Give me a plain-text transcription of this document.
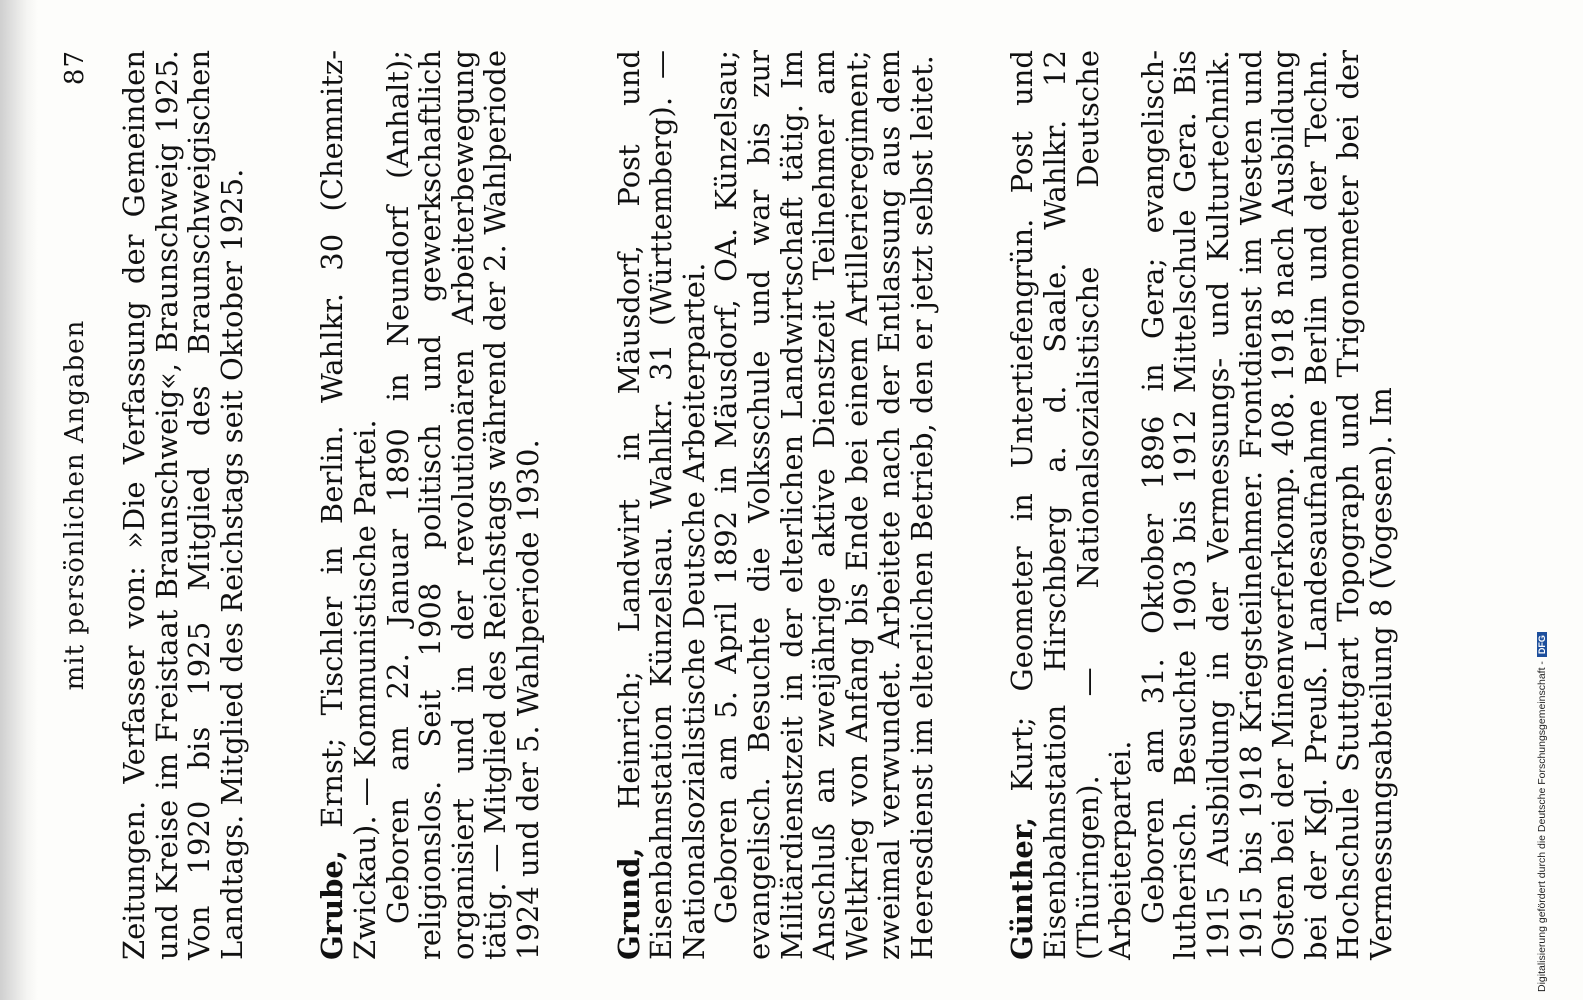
mit persönlichen Angaben
87 Zeitungen. Verfasser von: »Die Verfassung der Gemeinden und Kreise im Freistaat Braunschweig«, Braunschweig 1925. Von 1920 bis 1925 Mitglied des Braunschweigischen Landtags. Mitglied des Reichstags seit Oktober 1925. Grube, Ernst; Tischler in Berlin. Wahlkr. 30 (Chemnitz-Zwickau). — Kommunistische Partei.

Geboren am 22. Januar 1890 in Neundorf (Anhalt); religionslos. Seit 1908 politisch und gewerkschaftlich organisiert und in der revolutionären Arbeiterbewegung tätig. — Mitglied des Reichstags während der 2. Wahlperiode 1924 und der 5. Wahlperiode 1930. Grund, Heinrich; Landwirt in Mäusdorf, Post und Eisenbahnstation Künzelsau. Wahlkr. 31 (Württemberg). — Nationalsozialistische Deutsche Arbeiterpartei.

Geboren am 5. April 1892 in Mäusdorf, OA. Künzelsau; evangelisch. Besuchte die Volksschule und war bis zur Militärdienstzeit in der elterlichen Landwirtschaft tätig. Im Anschluß an zweijährige aktive Dienstzeit Teilnehmer am Weltkrieg von Anfang bis Ende bei einem Artillerieregiment; zweimal verwundet. Arbeitete nach der Entlassung aus dem Heeresdienst im elterlichen Betrieb, den er jetzt selbst leitet. Günther, Kurt; Geometer in Untertiefengrün. Post und Eisenbahnstation Hirschberg a. d. Saale. Wahlkr. 12 (Thüringen). — Nationalsozialistische Deutsche Arbeiterpartei.

Geboren am 31. Oktober 1896 in Gera; evangelisch-lutherisch. Besuchte 1903 bis 1912 Mittelschule Gera. Bis 1915 Ausbildung in der Vermessungs- und Kulturtechnik. 1915 bis 1918 Kriegsteilnehmer. Frontdienst im Westen und Osten bei der Minenwerferkomp. 408. 1918 nach Ausbildung bei der Kgl. Preuß. Landesaufnahme Berlin und der Techn. Hochschule Stuttgart Topograph und Trigonometer bei der Vermessungsabteilung 8 (Vogesen). Im	Digitalisierung gefördert durch die Deutsche Forschungsgemeinschaft -DFG
